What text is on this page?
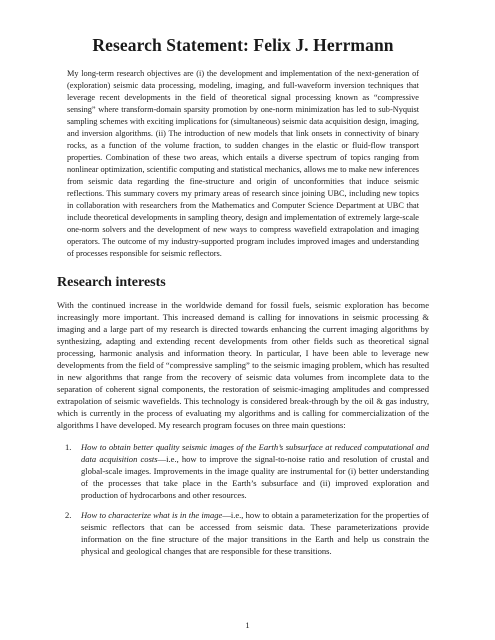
Research Statement: Felix J. Herrmann

My long-term research objectives are (i) the development and implementation of the next-generation of (exploration) seismic data processing, modeling, imaging, and full-waveform inversion techniques that leverage recent developments in the field of theoretical signal processing known as “compressive sensing” where transform-domain sparsity promotion by one-norm minimization has led to sub-Nyquist sampling schemes with exciting implications for (simultaneous) seismic data acquisition design, imaging, and inversion algorithms. (ii) The introduction of new models that link onsets in connectivity of binary rocks, as a function of the volume fraction, to sudden changes in the elastic or fluid-flow transport properties. Combination of these two areas, which entails a diverse spectrum of topics ranging from nonlinear optimization, scientific computing and statistical mechanics, allows me to make new inferences from seismic data regarding the fine-structure and origin of unconformities that induce seismic reflections. This summary covers my primary areas of research since joining UBC, including new topics in collaboration with researchers from the Mathematics and Computer Science Department at UBC that include theoretical developments in sampling theory, design and implementation of extremely large-scale one-norm solvers and the development of new ways to compress wavefield extrapolation and imaging operators. The outcome of my industry-supported program includes improved images and understanding of processes responsible for seismic reflectors.

Research interests

With the continued increase in the worldwide demand for fossil fuels, seismic exploration has become increasingly more important. This increased demand is calling for innovations in seismic processing & imaging and a large part of my research is directed towards enhancing the current imaging algorithms by synthesizing, adapting and extending recent developments from other fields such as theoretical signal processing, harmonic analysis and information theory. In particular, I have been able to leverage new developments from the field of “compressive sampling” to the seismic imaging problem, which has resulted in new algorithms that range from the recovery of seismic data volumes from incomplete data to the separation of coherent signal components, the restoration of seismic-imaging amplitudes and compressed extrapolation of seismic wavefields. This technology is considered break-through by the oil & gas industry, which is currently in the process of evaluating my algorithms and is calling for commercialization of the algorithms I have developed. My research program focuses on three main questions:

1. How to obtain better quality seismic images of the Earth’s subsurface at reduced computational and data acquisition costs—i.e., how to improve the signal-to-noise ratio and resolution of crustal and global-scale images. Improvements in the image quality are instrumental for (i) better understanding of the processes that take place in the Earth’s subsurface and (ii) improved exploration and production of hydrocarbons and other resources.
2. How to characterize what is in the image—i.e., how to obtain a parameterization for the properties of seismic reflectors that can be accessed from seismic data. These parameterizations provide information on the fine structure of the major transitions in the Earth and help us constrain the physical and geological changes that are responsible for these transitions.
1
